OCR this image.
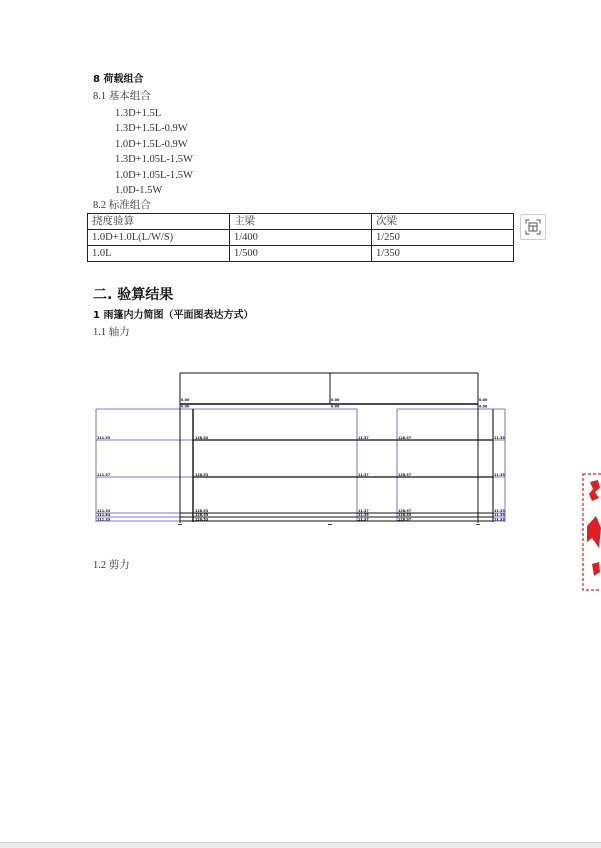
8 荷载组合
8.1 基本组合
1.3D+1.5L
1.3D+1.5L-0.9W
1.0D+1.5L-0.9W
1.3D+1.05L-1.5W
1.0D+1.05L-1.5W
1.0D-1.5W
8.2 标准组合
挠度验算	主梁	次梁
1.0D+1.0L(L/W/S)	1/400	1/250
1.0L	1/500	1/350
二. 验算结果
1 雨篷内力简图（平面图表达方式）
1.1 轴力
0.00
0.00
0.00
0.00
0.00
0.00
111.33	128.53	11.37	128.97	11.33
111.57	128.53	11.37	128.97	11.33
111.33	128.53	11.37	128.97	11.33
111.64	128.55	11.35	128.55	11.35
111.33	128.53	11.37	128.97	11.33
1.2 剪力
